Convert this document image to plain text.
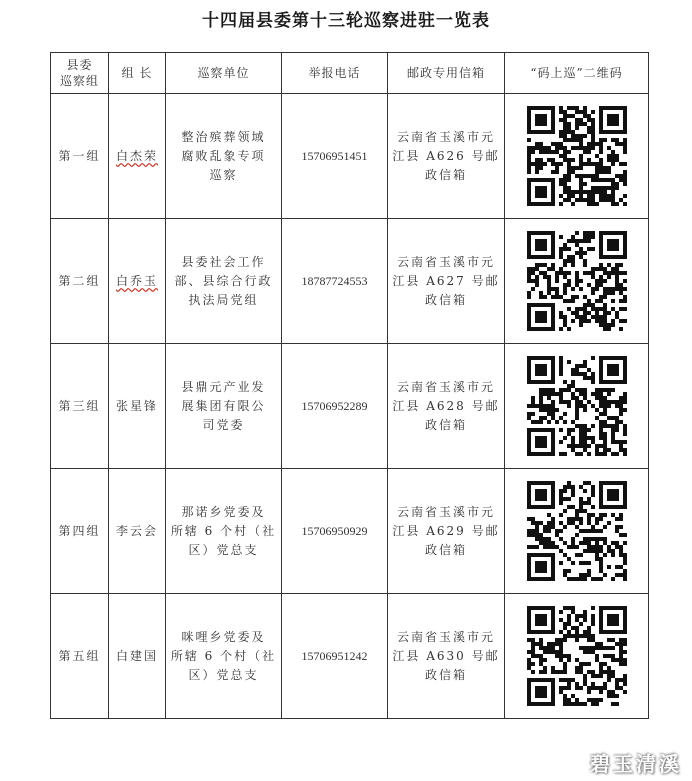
十四届县委第十三轮巡察进驻一览表
县委
巡察组	组 长	巡察单位	举报电话	邮政专用信箱	“码上巡”二维码
第一组	白杰荣	整治殡葬领域
腐败乱象专项
巡察	15706951451	云南省玉溪市元
江县 A626 号邮
政信箱	

第二组	白乔玉	县委社会工作
部、县综合行政
执法局党组	18787724553	云南省玉溪市元
江县 A627 号邮
政信箱	

第三组	张星锋	县鼎元产业发
展集团有限公
司党委	15706952289	云南省玉溪市元
江县 A628 号邮
政信箱	

第四组	李云会	那诺乡党委及
所辖 6 个村（社
区）党总支	15706950929	云南省玉溪市元
江县 A629 号邮
政信箱	

第五组	白建国	咪哩乡党委及
所辖 6 个村（社
区）党总支	15706951242	云南省玉溪市元
江县 A630 号邮
政信箱	
碧玉清溪
